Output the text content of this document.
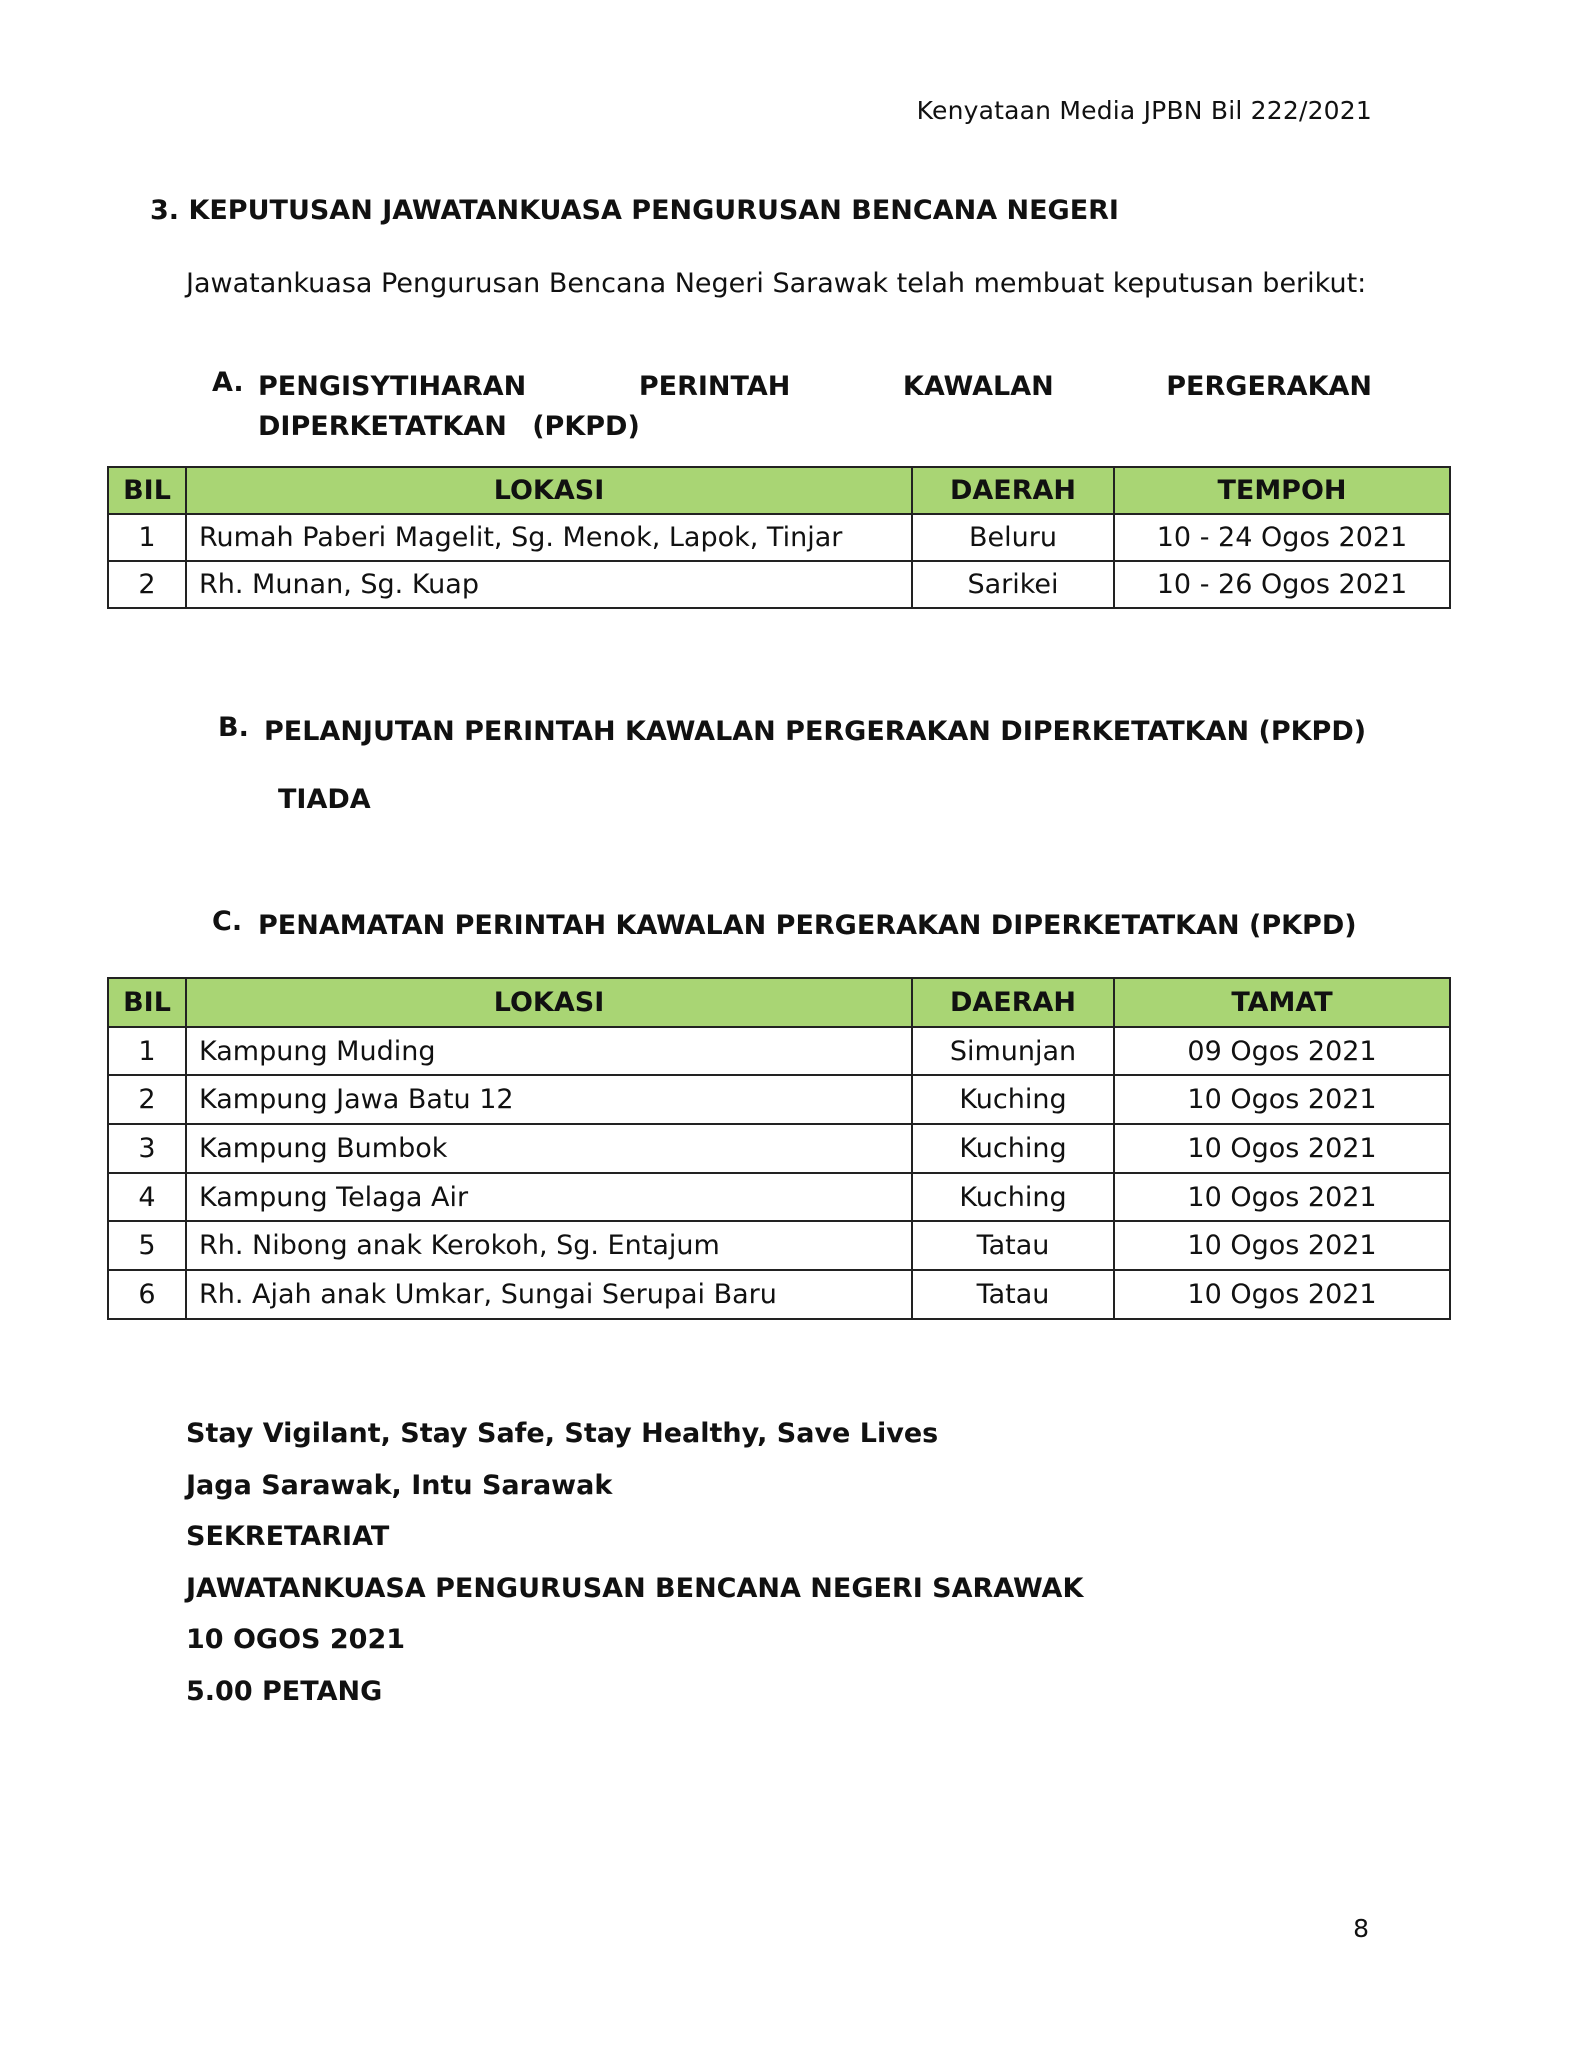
Kenyataan Media JPBN Bil 222/2021
3. KEPUTUSAN JAWATANKUASA PENGURUSAN BENCANA NEGERI
Jawatankuasa Pengurusan Bencana Negeri Sarawak telah membuat keputusan berikut:
A. PENGISYTIHARAN PERINTAH KAWALAN PERGERAKAN DIPERKETATKAN (PKPD)
BIL	LOKASI	DAERAH	TEMPOH
1	Rumah Paberi Magelit, Sg. Menok, Lapok, Tinjar	Beluru	10 - 24 Ogos 2021
2	Rh. Munan, Sg. Kuap	Sarikei	10 - 26 Ogos 2021
B. PELANJUTAN PERINTAH KAWALAN PERGERAKAN DIPERKETATKAN (PKPD)
TIADA
C. PENAMATAN PERINTAH KAWALAN PERGERAKAN DIPERKETATKAN (PKPD)
BIL	LOKASI	DAERAH	TAMAT
1	Kampung Muding	Simunjan	09 Ogos 2021
2	Kampung Jawa Batu 12	Kuching	10 Ogos 2021
3	Kampung Bumbok	Kuching	10 Ogos 2021
4	Kampung Telaga Air	Kuching	10 Ogos 2021
5	Rh. Nibong anak Kerokoh, Sg. Entajum	Tatau	10 Ogos 2021
6	Rh. Ajah anak Umkar, Sungai Serupai Baru	Tatau	10 Ogos 2021
Stay Vigilant, Stay Safe, Stay Healthy, Save Lives
Jaga Sarawak, Intu Sarawak
SEKRETARIAT
JAWATANKUASA PENGURUSAN BENCANA NEGERI SARAWAK
10 OGOS 2021
5.00 PETANG
8
